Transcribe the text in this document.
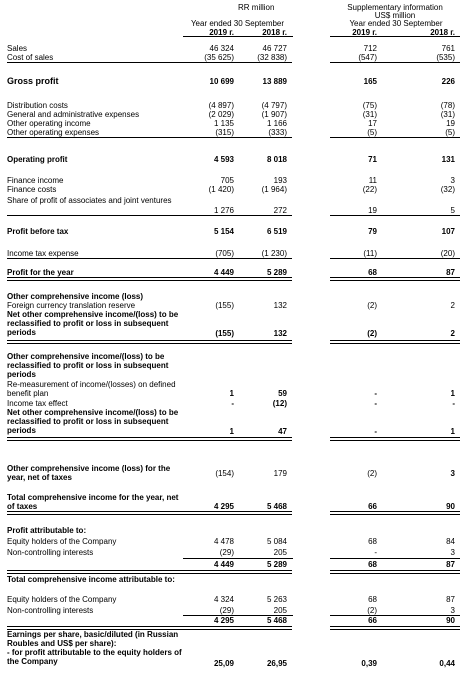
RR million	Supplementary information
US$ million
Year ended 30 September	Year ended 30 September
2019 г.	2018 г.	2019 г.	2018 г.
Sales	46 324	46 727	712	761
Cost of sales	(35 625)	(32 838)	(547)	(535)
Gross profit	10 699	13 889	165	226
Distribution costs	(4 897)	(4 797)	(75)	(78)
General and administrative expenses	(2 029)	(1 907)	(31)	(31)
Other operating income	1 135	1 166	17	19
Other operating expenses	(315)	(333)	(5)	(5)
Operating profit	4 593	8 018	71	131
Finance income	705	193	11	3
Finance costs	(1 420)	(1 964)	(22)	(32)
Share of profit of associates and joint ventures
1 276	272	19	5
Profit before tax	5 154	6 519	79	107
Income tax expense	(705)	(1 230)	(11)	(20)
Profit for the year	4 449	5 289	68	87
Other comprehensive income (loss)
Foreign currency translation reserve	(155)	132	(2)	2
Net other comprehensive income/(loss) to be reclassified to profit or loss in subsequent periods	(155)	132	(2)	2
Other comprehensive income/(loss) to be reclassified to profit or loss in subsequent periods
Re-measurement of income/(losses) on defined benefit plan	1	59	-	1
Income tax effect	-	(12)	-	-
Net other comprehensive income/(loss) to be reclassified to profit or loss in subsequent periods	1	47	-	1
Other comprehensive income (loss) for the year, net of taxes	(154)	179	(2)	3
Total comprehensive income for the year, net of taxes	4 295	5 468	66	90
Profit attributable to:
Equity holders of the Company	4 478	5 084	68	84
Non-controlling interests	(29)	205	-	3
4 449	5 289	68	87
Total comprehensive income attributable to:
Equity holders of the Company	4 324	5 263	68	87
Non-controlling interests	(29)	205	(2)	3
4 295	5 468	66	90
Earnings per share, basic/diluted (in Russian Roubles and US$ per share):
- for profit attributable to the equity holders of the Company	25,09	26,95	0,39	0,44
